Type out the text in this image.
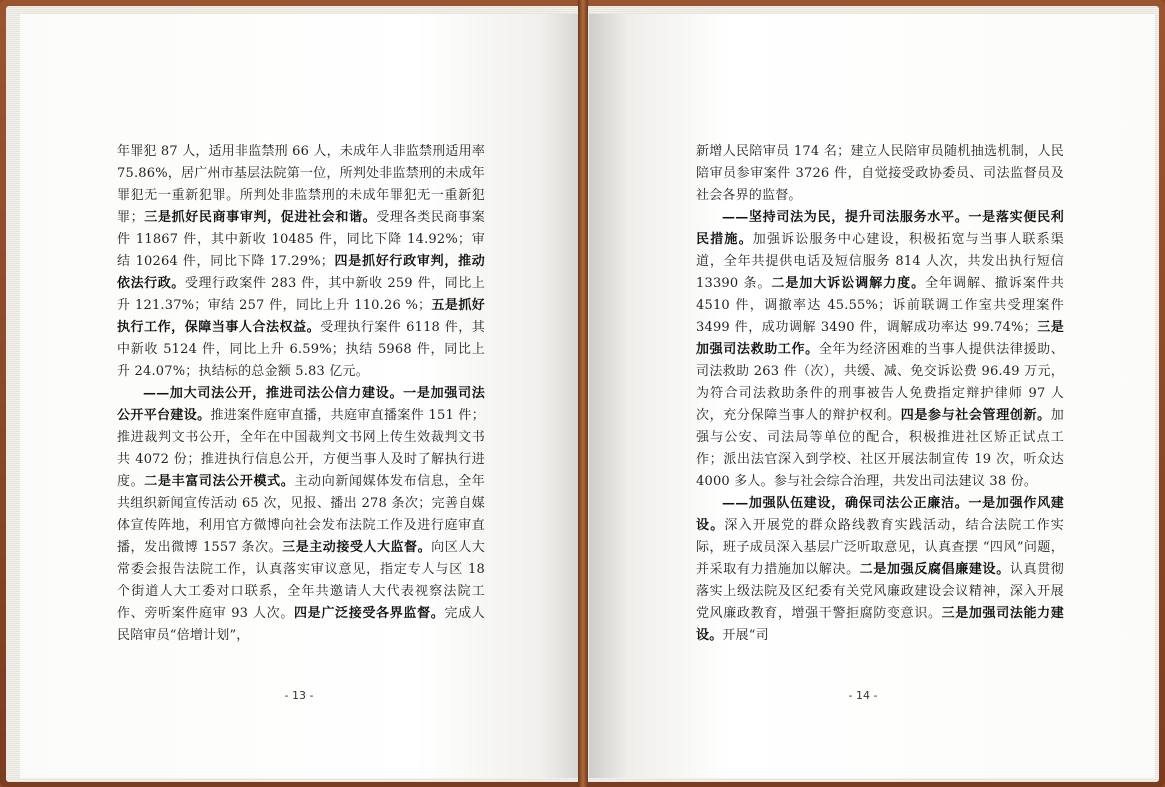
年罪犯 87 人，适用非监禁刑 66 人，未成年人非监禁刑适用率 75.86%，居广州市基层法院第一位，所判处非监禁刑的未成年罪犯无一重新犯罪。所判处非监禁刑的未成年罪犯无一重新犯罪；三是抓好民商事审判，促进社会和谐。受理各类民商事案件 11867 件，其中新收 10485 件，同比下降 14.92%；审结 10264 件，同比下降 17.29%；四是抓好行政审判，推动依法行政。受理行政案件 283 件，其中新收 259 件，同比上升 121.37%；审结 257 件，同比上升 110.26 %；五是抓好执行工作，保障当事人合法权益。受理执行案件 6118 件，其中新收 5124 件，同比上升 6.59%；执结 5968 件，同比上升 24.07%；执结标的总金额 5.83 亿元。

——加大司法公开，推进司法公信力建设。一是加强司法公开平台建设。推进案件庭审直播，共庭审直播案件 151 件；推进裁判文书公开，全年在中国裁判文书网上传生效裁判文书共 4072 份；推进执行信息公开，方便当事人及时了解执行进度。二是丰富司法公开模式。主动向新闻媒体发布信息，全年共组织新闻宣传活动 65 次，见报、播出 278 条次；完善自媒体宣传阵地，利用官方微博向社会发布法院工作及进行庭审直播，发出微博 1557 条次。三是主动接受人大监督。向区人大常委会报告法院工作，认真落实审议意见，指定专人与区 18 个街道人大工委对口联系，全年共邀请人大代表视察法院工作、旁听案件庭审 93 人次。四是广泛接受各界监督。完成人民陪审员“倍增计划”，

- 13 -

新增人民陪审员 174 名；建立人民陪审员随机抽选机制，人民陪审员参审案件 3726 件，自觉接受政协委员、司法监督员及社会各界的监督。

——坚持司法为民，提升司法服务水平。一是落实便民利民措施。加强诉讼服务中心建设，积极拓宽与当事人联系渠道，全年共提供电话及短信服务 814 人次，共发出执行短信 13390 条。二是加大诉讼调解力度。全年调解、撤诉案件共 4510 件，调撤率达 45.55%；诉前联调工作室共受理案件 3499 件，成功调解 3490 件，调解成功率达 99.74%；三是加强司法救助工作。全年为经济困难的当事人提供法律援助、司法救助 263 件（次），共缓、减、免交诉讼费 96.49 万元，为符合司法救助条件的刑事被告人免费指定辩护律师 97 人次，充分保障当事人的辩护权利。四是参与社会管理创新。加强与公安、司法局等单位的配合，积极推进社区矫正试点工作；派出法官深入到学校、社区开展法制宣传 19 次，听众达 4000 多人。参与社会综合治理，共发出司法建议 38 份。

——加强队伍建设，确保司法公正廉洁。一是加强作风建设。深入开展党的群众路线教育实践活动，结合法院工作实际，班子成员深入基层广泛听取意见，认真查摆 “四风”问题，并采取有力措施加以解决。二是加强反腐倡廉建设。认真贯彻落实上级法院及区纪委有关党风廉政建设会议精神，深入开展党风廉政教育，增强干警拒腐防变意识。三是加强司法能力建设。开展“司

- 14 -
